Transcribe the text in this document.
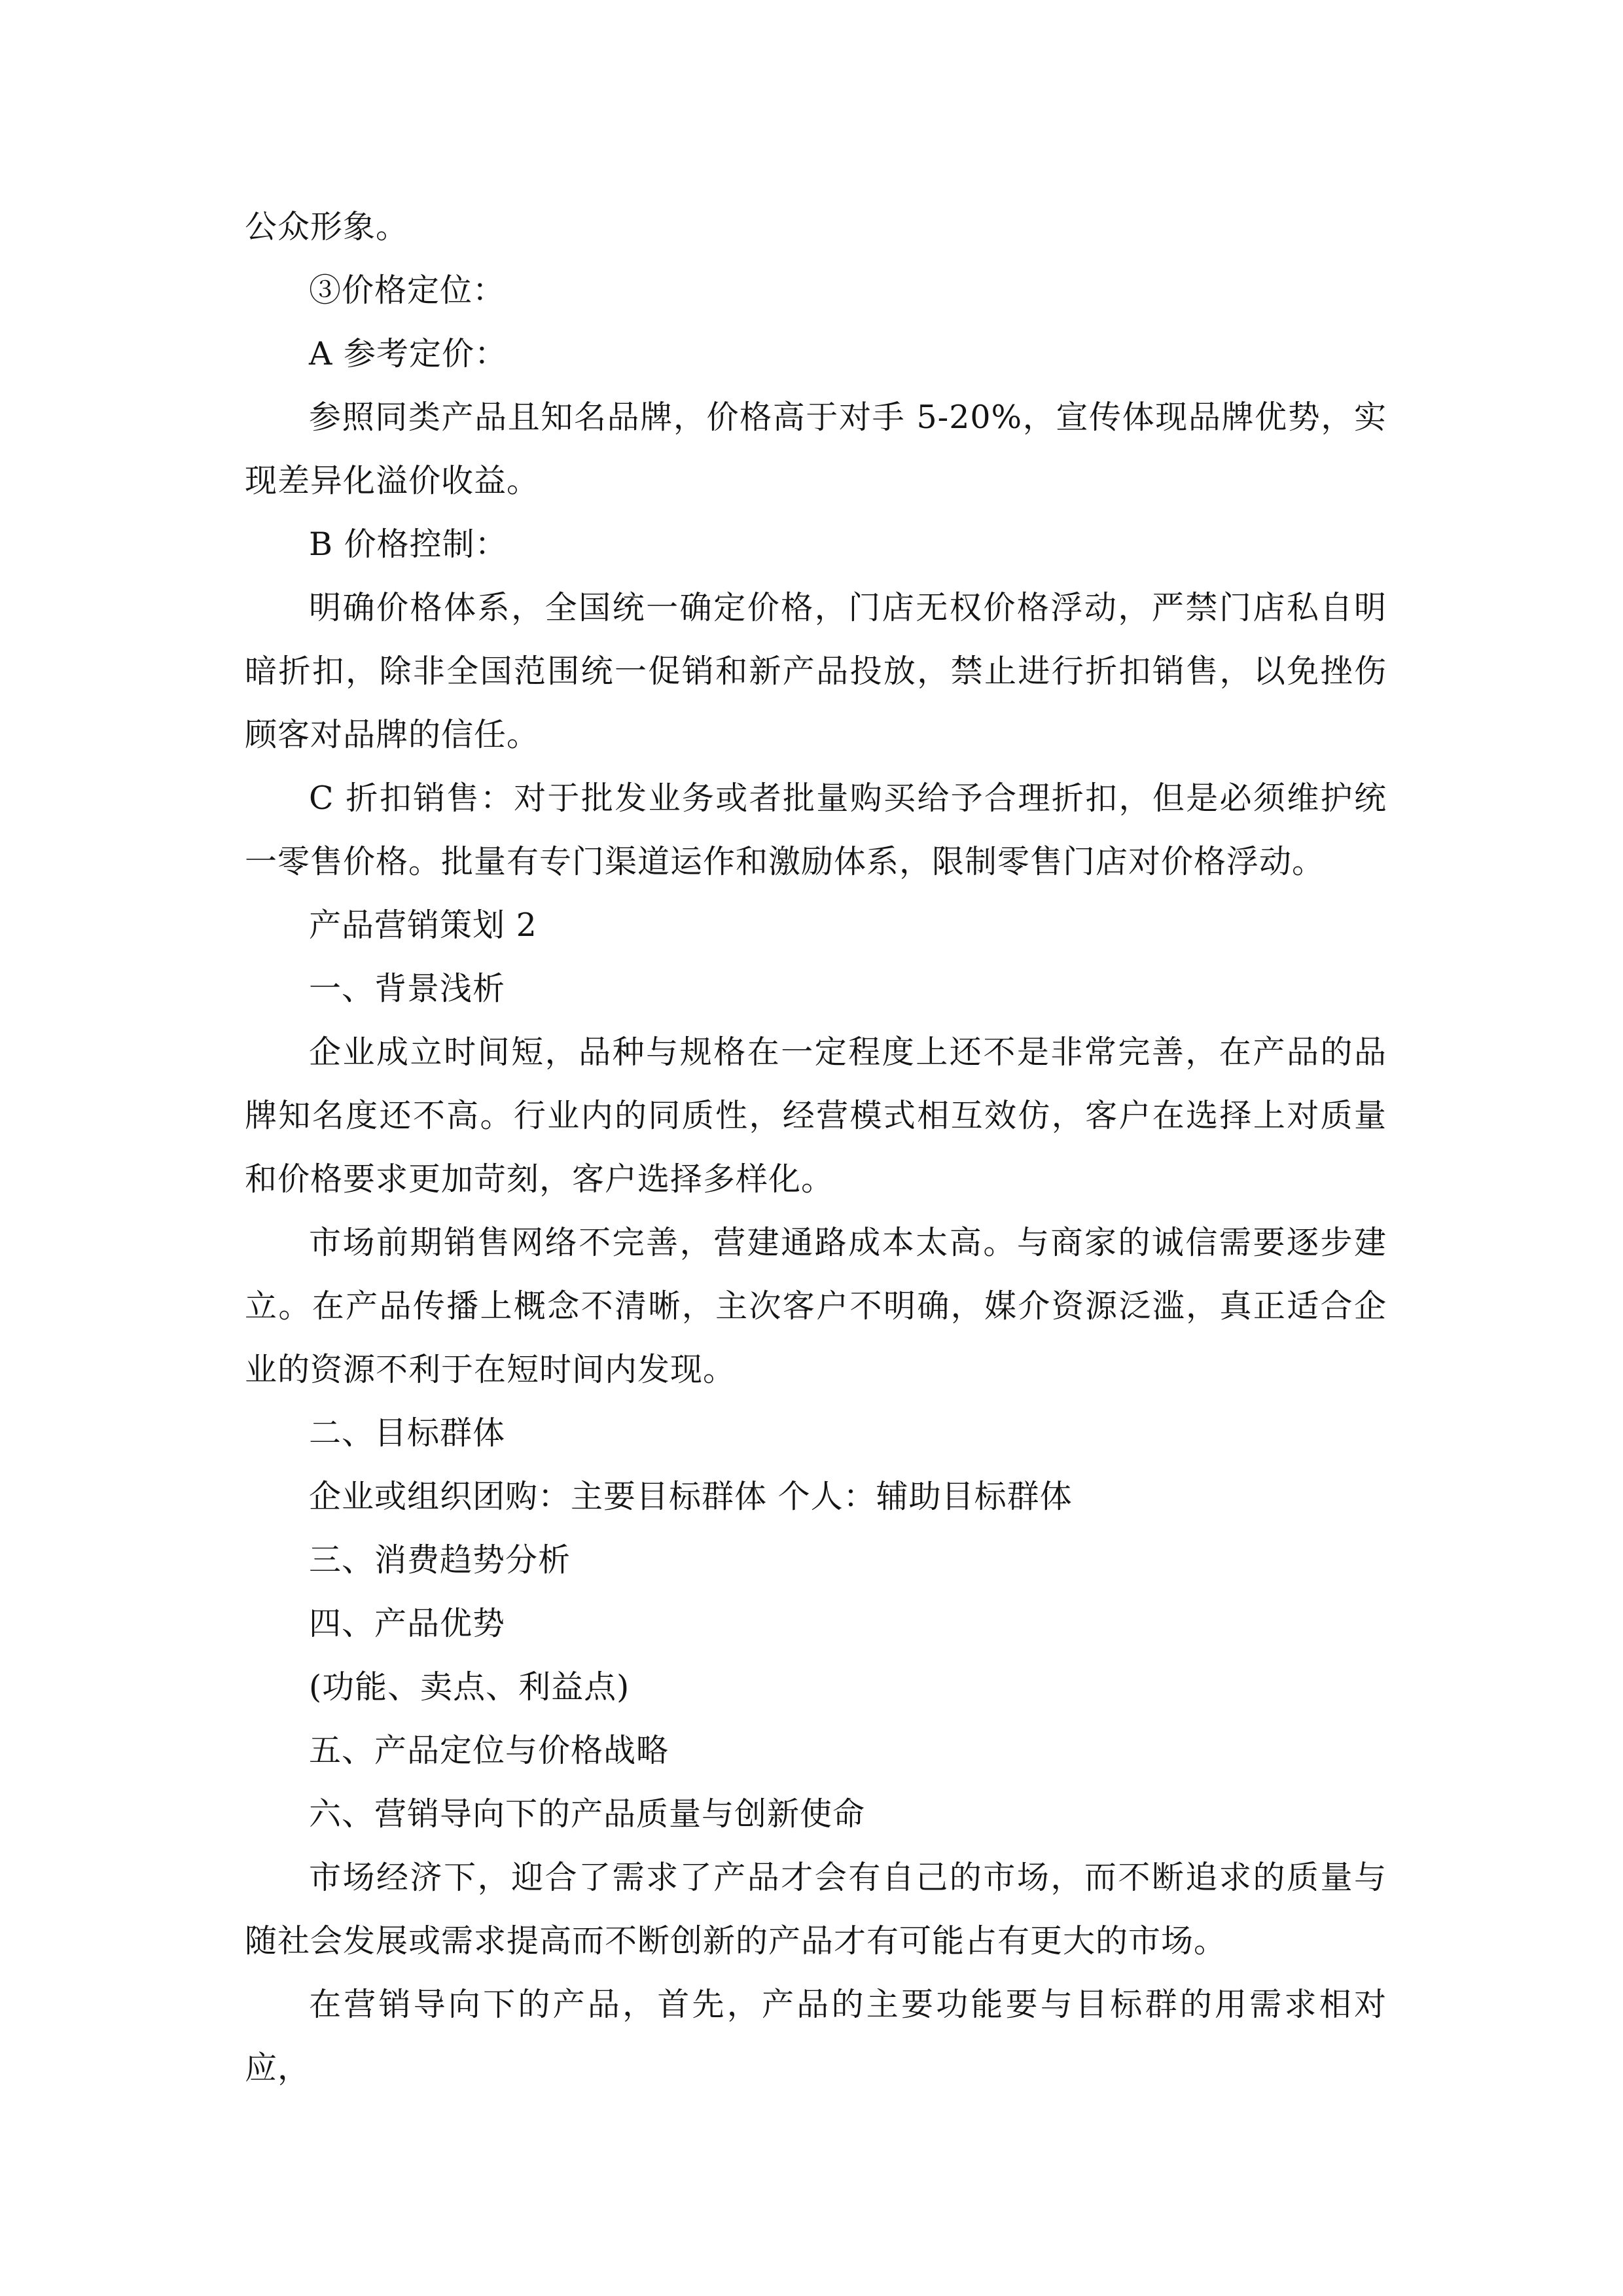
公众形象。

③价格定位：

A 参考定价：

参照同类产品且知名品牌，价格高于对手 5-20%，宣传体现品牌优势，实现差异化溢价收益。

B 价格控制：

明确价格体系，全国统一确定价格，门店无权价格浮动，严禁门店私自明暗折扣，除非全国范围统一促销和新产品投放，禁止进行折扣销售，以免挫伤顾客对品牌的信任。

C 折扣销售：对于批发业务或者批量购买给予合理折扣，但是必须维护统一零售价格。批量有专门渠道运作和激励体系，限制零售门店对价格浮动。

产品营销策划 2

一、背景浅析

企业成立时间短，品种与规格在一定程度上还不是非常完善，在产品的品牌知名度还不高。行业内的同质性，经营模式相互效仿，客户在选择上对质量和价格要求更加苛刻，客户选择多样化。

市场前期销售网络不完善，营建通路成本太高。与商家的诚信需要逐步建立。在产品传播上概念不清晰，主次客户不明确，媒介资源泛滥，真正适合企业的资源不利于在短时间内发现。

二、目标群体

企业或组织团购：主要目标群体 个人：辅助目标群体

三、消费趋势分析

四、产品优势

(功能、卖点、利益点)

五、产品定位与价格战略

六、营销导向下的产品质量与创新使命

市场经济下，迎合了需求了产品才会有自己的市场，而不断追求的质量与随社会发展或需求提高而不断创新的产品才有可能占有更大的市场。

在营销导向下的产品，首先，产品的主要功能要与目标群的用需求相对应，
